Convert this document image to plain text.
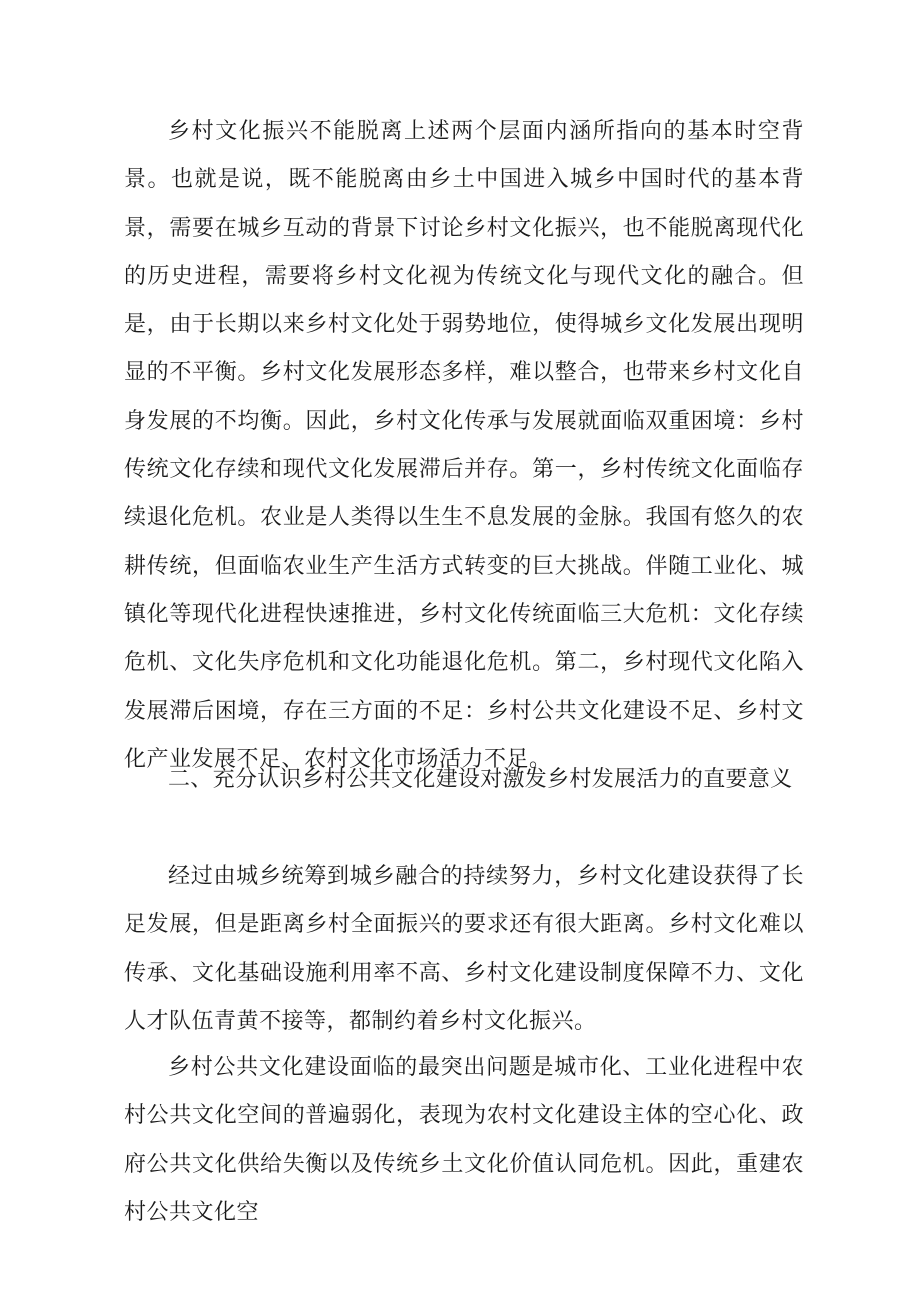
乡村文化振兴不能脱离上述两个层面内涵所指向的基本时空背景。也就是说，既不能脱离由乡土中国进入城乡中国时代的基本背景，需要在城乡互动的背景下讨论乡村文化振兴，也不能脱离现代化的历史进程，需要将乡村文化视为传统文化与现代文化的融合。但是，由于长期以来乡村文化处于弱势地位，使得城乡文化发展出现明显的不平衡。乡村文化发展形态多样，难以整合，也带来乡村文化自身发展的不均衡。因此，乡村文化传承与发展就面临双重困境：乡村传统文化存续和现代文化发展滞后并存。第一，乡村传统文化面临存续退化危机。农业是人类得以生生不息发展的金脉。我国有悠久的农耕传统，但面临农业生产生活方式转变的巨大挑战。伴随工业化、城镇化等现代化进程快速推进，乡村文化传统面临三大危机：文化存续危机、文化失序危机和文化功能退化危机。第二，乡村现代文化陷入发展滞后困境，存在三方面的不足：乡村公共文化建设不足、乡村文化产业发展不足、农村文化市场活力不足。

二、充分认识乡村公共文化建设对激发乡村发展活力的直要意义

经过由城乡统筹到城乡融合的持续努力，乡村文化建设获得了长足发展，但是距离乡村全面振兴的要求还有很大距离。乡村文化难以传承、文化基础设施利用率不高、乡村文化建设制度保障不力、文化人才队伍青黄不接等，都制约着乡村文化振兴。

乡村公共文化建设面临的最突出问题是城市化、工业化进程中农村公共文化空间的普遍弱化，表现为农村文化建设主体的空心化、政府公共文化供给失衡以及传统乡土文化价值认同危机。因此，重建农村公共文化空
